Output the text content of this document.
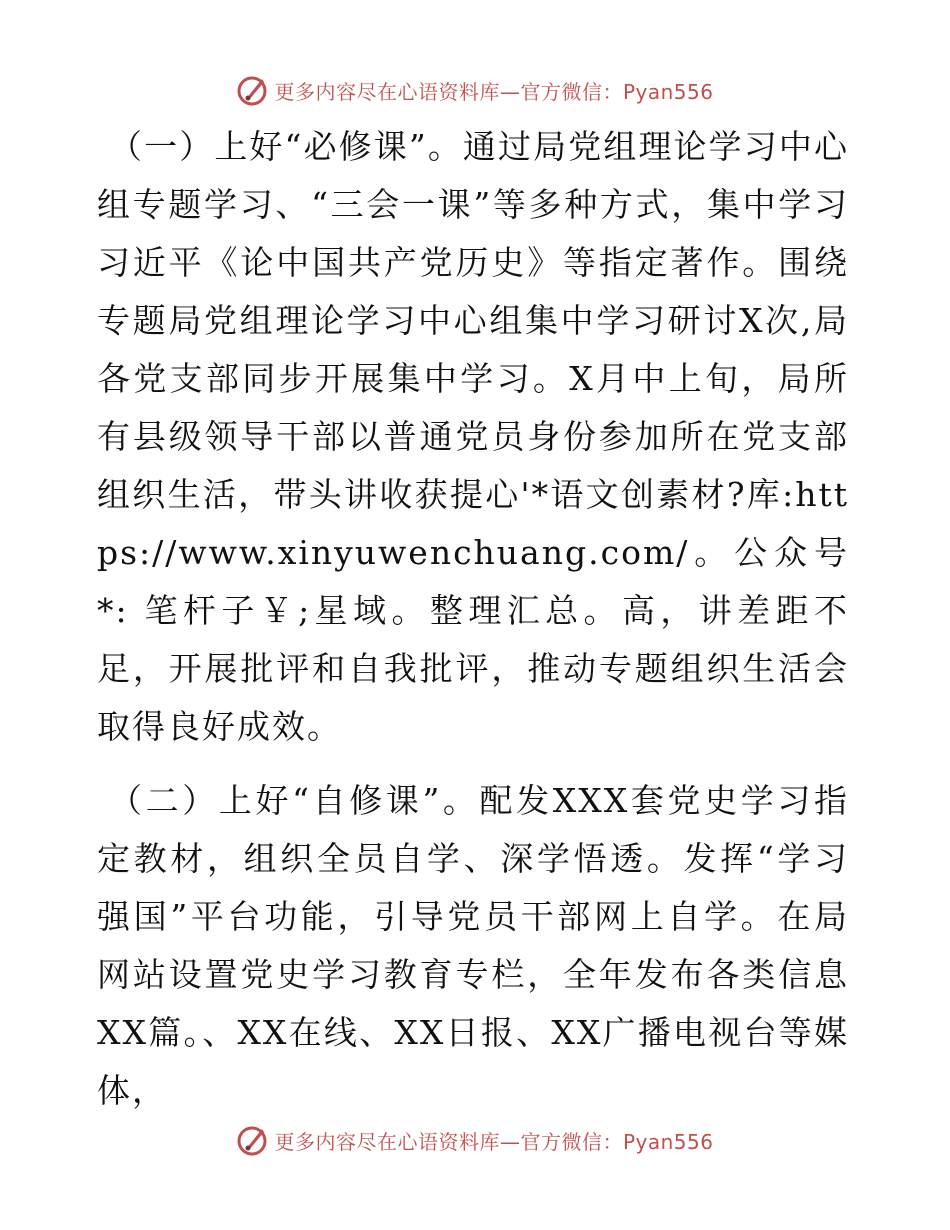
更多内容尽在心语资料库—官方微信：Pyan556

（一）上好“必修课”。通过局党组理论学习中心组专题学习、“三会一课”等多种方式，集中学习习近平《论中国共产党历史》等指定著作。围绕专题局党组理论学习中心组集中学习研讨X次,局各党支部同步开展集中学习。X月中上旬，局所有县级领导干部以普通党员身份参加所在党支部组织生活，带头讲收获提心'*语文创素材?库:https://www.xinyuwenchuang.com/。公众号*: 笔杆子￥;星域。整理汇总。高，讲差距不足，开展批评和自我批评，推动专题组织生活会取得良好成效。

（二）上好“自修课”。配发XXX套党史学习指定教材，组织全员自学、深学悟透。发挥“学习强国”平台功能，引导党员干部网上自学。在局网站设置党史学习教育专栏，全年发布各类信息XX篇。、XX在线、XX日报、XX广播电视台等媒体，

更多内容尽在心语资料库—官方微信：Pyan556
